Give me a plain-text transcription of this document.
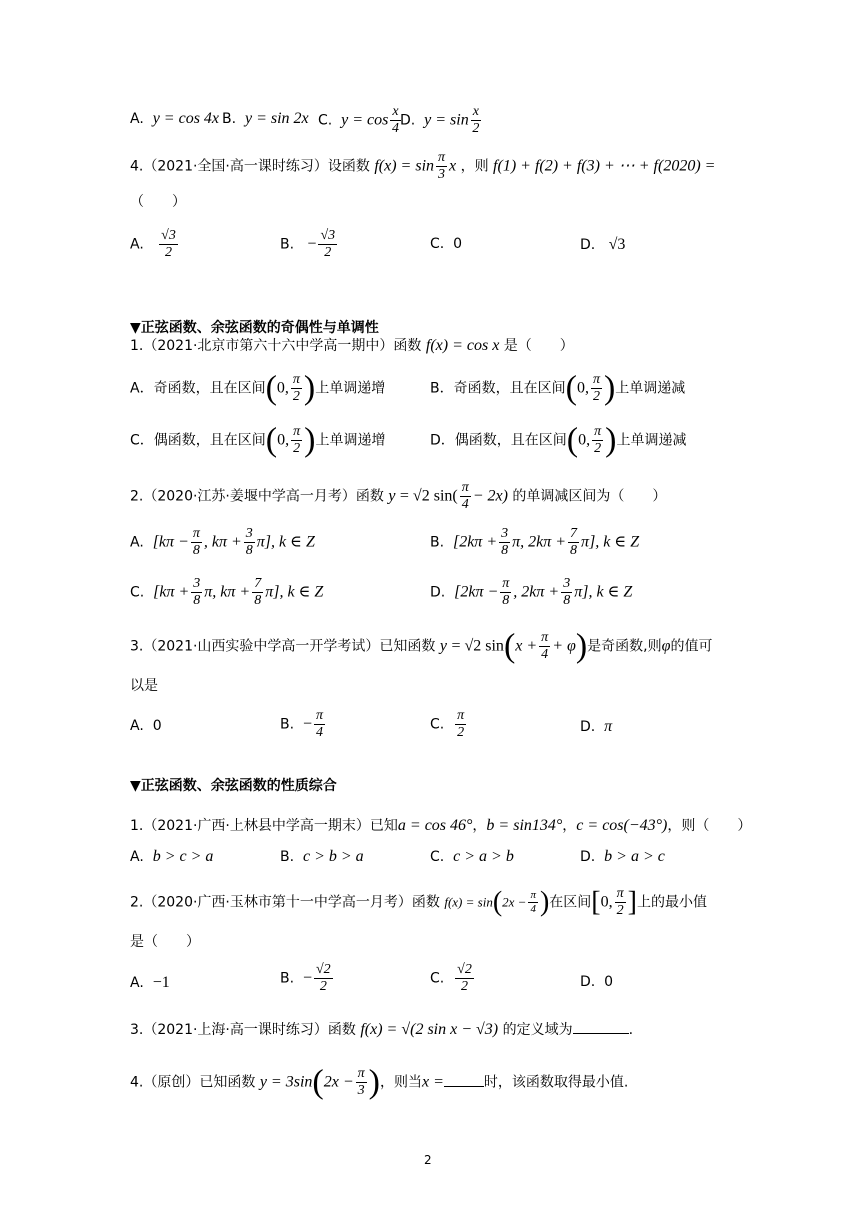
A. y = cos 4x B. y = sin 2x C. $y = \cos \frac{x}{4} D$. $y = \sin \frac{x}{2}$
4.（2021·全国·高一课时练习）设函数 $f(x) = \sin \frac{\pi}{3}$ x ，则 f(1) + f(2) + f(3) + ⋯ + f(2020) =
（　　）
A. $\frac{√3}{2}$	B. − $\frac{√3}{2}$	C. 0	D. √3
▼正弦函数、余弦函数的奇偶性与单调性
1.（2021·北京市第六十六中学高一期中）函数 f(x) = cos x 是（　　）
A．奇函数，且在区间(0, $\frac{\pi}{2}$ )上单调递增	B．奇函数，且在区间(0, $\frac{\pi}{2}$ )上单调递减
C．偶函数，且在区间(0, $\frac{\pi}{2}$ )上单调递增	D．偶函数，且在区间(0, $\frac{\pi}{2}$ )上单调递减
2.（2020·江苏·姜堰中学高一月考）函数 y = √2 $\sin( \frac{\pi}{4} - 2x)$ 的单调减区间为（　　）
A. [$k\pi - \frac{\pi}{8}$ , $k\pi + \frac{3}{8} \pi$], k ∈ Z	B. [$2k\pi + \frac{3}{8} \pi$, $2k\pi + \frac{7}{8} \pi$], k ∈ Z
C. [$k\pi + \frac{3}{8} \pi$, $k\pi + \frac{7}{8} \pi$], k ∈ Z	D. [$2k\pi - \frac{\pi}{8}$ , $2k\pi + \frac{3}{8} \pi$], k ∈ Z
3.（2021·山西实验中学高一开学考试）已知函数 y = √2 $\sin(x + \frac{\pi}{4} + \varphi)$是奇函数,则φ的值可
以是
A. 0	B. − $\frac{\pi}{4}$	C. $\frac{\pi}{2}$	D. π
▼正弦函数、余弦函数的性质综合
1.（2021·广西·上林县中学高一期末）已知a = cos 46°，b = sin134°，c = cos(−43°)，则（　　）
A. b > c > a	B. c > b > a	C. c > a > b	D. b > a > c
2.（2020·广西·玉林市第十一中学高一月考）函数 $f(x) = \sin(2x - \frac{\pi}{4}$ )在区间[0, $\frac{\pi}{2}$ ]上的最小值
是（　　）
A. −1	B. − $\frac{√2}{2}$	C. $\frac{√2}{2}$	D. 0
3.（2021·上海·高一课时练习）函数 f(x) = √(2 sin x − √3) 的定义域为	.
4.（原创）已知函数 $y = 3\sin(2x - \frac{\pi}{3}$ )，则当x =	时，该函数取得最小值.
2
